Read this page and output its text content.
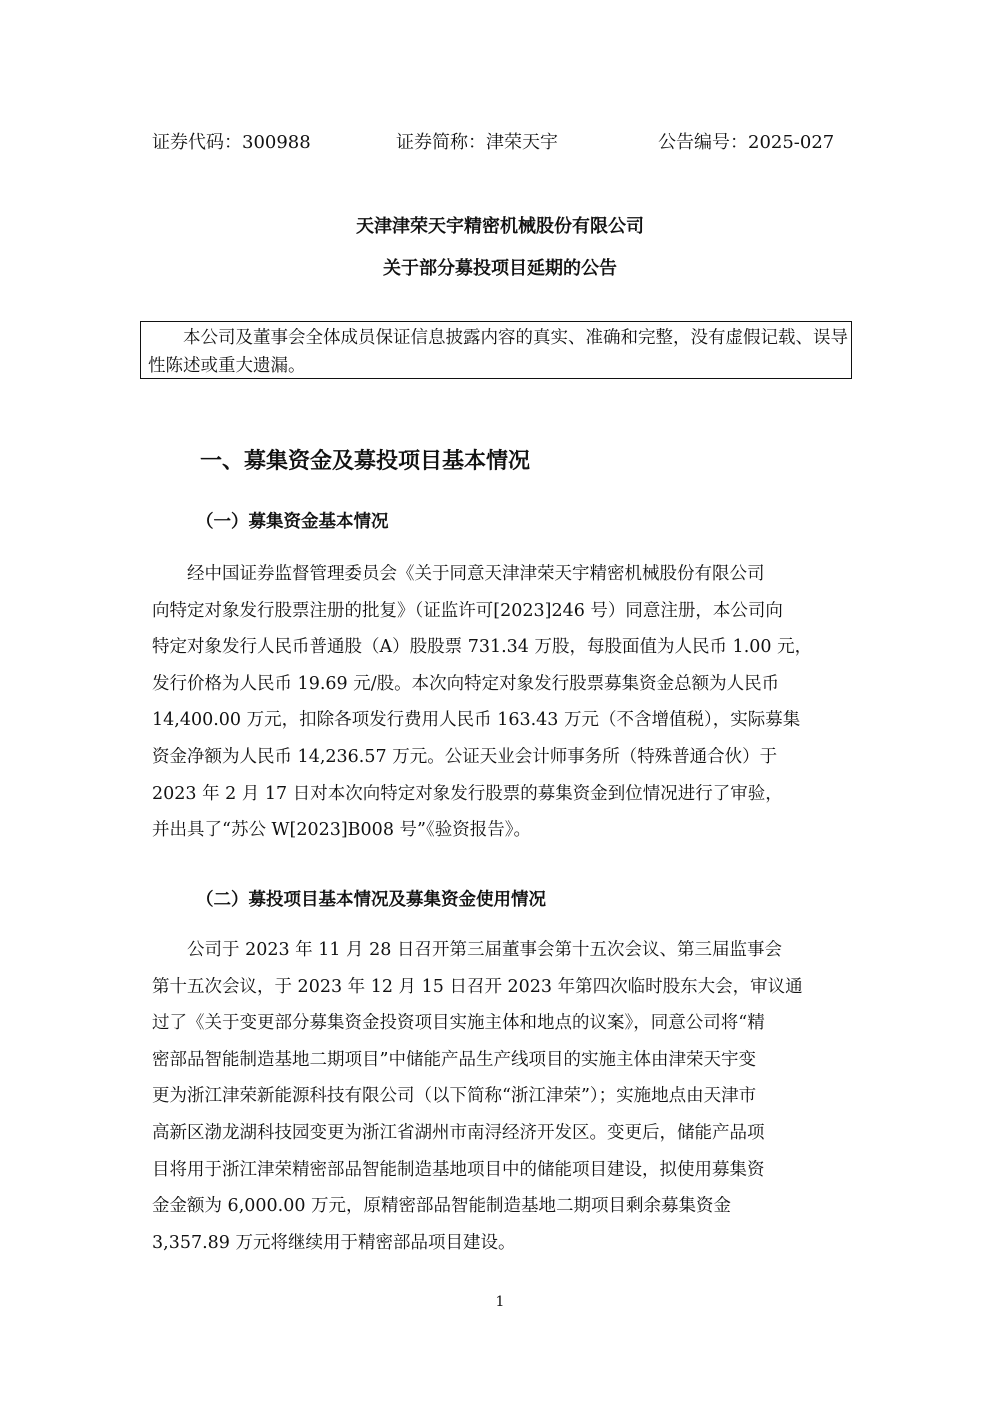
证券代码：300988	证券简称：津荣天宇	公告编号：2025-027
天津津荣天宇精密机械股份有限公司
关于部分募投项目延期的公告

本公司及董事会全体成员保证信息披露内容的真实、准确和完整，没有虚假记载、误导性陈述或重大遗漏。

一、募集资金及募投项目基本情况
（一）募集资金基本情况
经中国证券监督管理委员会《关于同意天津津荣天宇精密机械股份有限公司
向特定对象发行股票注册的批复》（证监许可[2023]246 号）同意注册，本公司向
特定对象发行人民币普通股（A）股股票 731.34 万股，每股面值为人民币 1.00 元，
发行价格为人民币 19.69 元/股。本次向特定对象发行股票募集资金总额为人民币
14,400.00 万元，扣除各项发行费用人民币 163.43 万元（不含增值税），实际募集
资金净额为人民币 14,236.57 万元。公证天业会计师事务所（特殊普通合伙）于
2023 年 2 月 17 日对本次向特定对象发行股票的募集资金到位情况进行了审验，
并出具了“苏公 W[2023]B008 号”《验资报告》。
（二）募投项目基本情况及募集资金使用情况
公司于 2023 年 11 月 28 日召开第三届董事会第十五次会议、第三届监事会
第十五次会议，于 2023 年 12 月 15 日召开 2023 年第四次临时股东大会，审议通
过了《关于变更部分募集资金投资项目实施主体和地点的议案》，同意公司将“精
密部品智能制造基地二期项目”中储能产品生产线项目的实施主体由津荣天宇变
更为浙江津荣新能源科技有限公司（以下简称“浙江津荣”）；实施地点由天津市
高新区渤龙湖科技园变更为浙江省湖州市南浔经济开发区。变更后，储能产品项
目将用于浙江津荣精密部品智能制造基地项目中的储能项目建设，拟使用募集资
金金额为 6,000.00 万元，原精密部品智能制造基地二期项目剩余募集资金
3,357.89 万元将继续用于精密部品项目建设。
1
